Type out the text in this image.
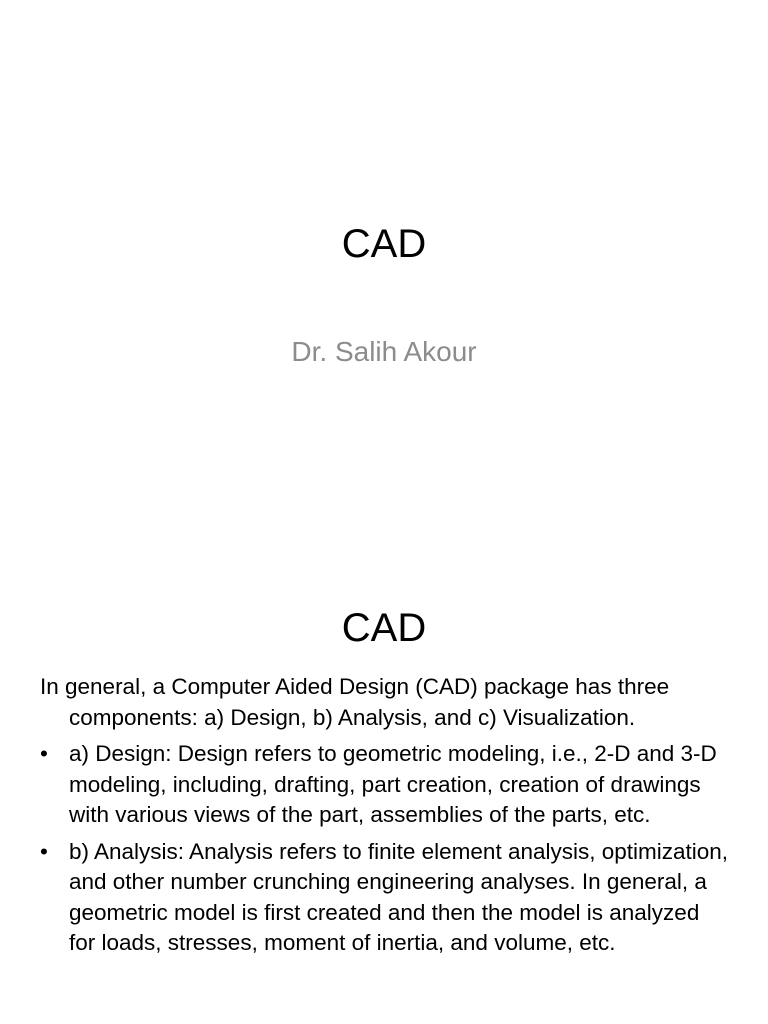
CAD
Dr. Salih Akour
CAD

In general, a Computer Aided Design (CAD) package has three components: a) Design, b) Analysis, and c) Visualization.

• a) Design: Design refers to geometric modeling, i.e., 2-D and 3-D modeling, including, drafting, part creation, creation of drawings with various views of the part, assemblies of the parts, etc.
• b) Analysis: Analysis refers to finite element analysis, optimization, and other number crunching engineering analyses. In general, a geometric model is first created and then the model is analyzed for loads, stresses, moment of inertia, and volume, etc.
